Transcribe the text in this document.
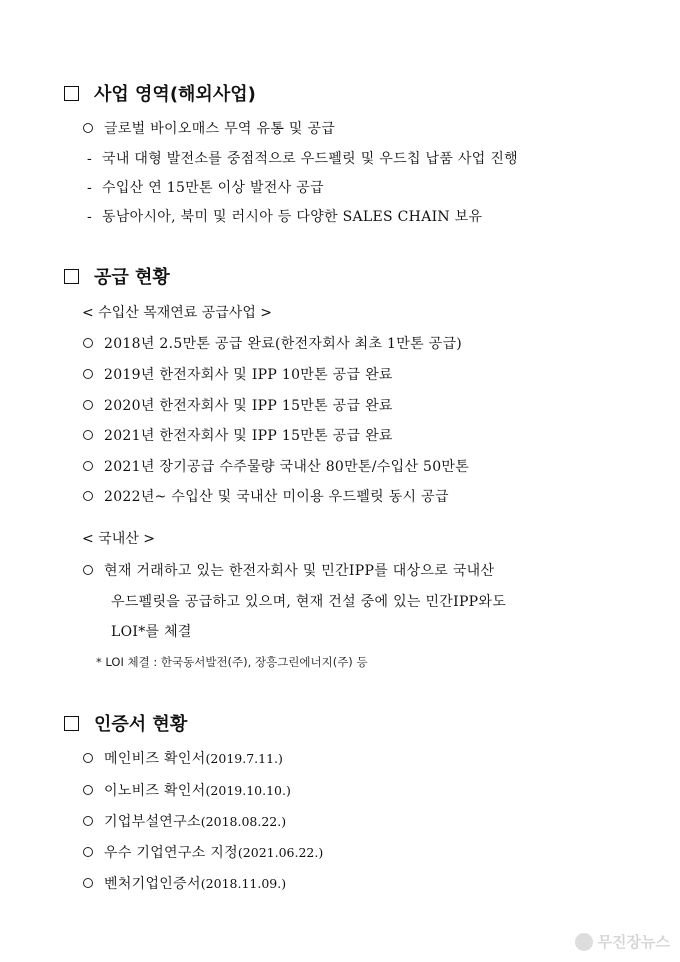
사업 영역(해외사업)
글로벌 바이오매스 무역 유통 및 공급
- 국내 대형 발전소를 중점적으로 우드펠릿 및 우드칩 납품 사업 진행
- 수입산 연 15만톤 이상 발전사 공급
- 동남아시아, 북미 및 러시아 등 다양한 SALES CHAIN 보유
공급 현황
< 수입산 목재연료 공급사업 >
2018년 2.5만톤 공급 완료(한전자회사 최초 1만톤 공급)
2019년 한전자회사 및 IPP 10만톤 공급 완료
2020년 한전자회사 및 IPP 15만톤 공급 완료
2021년 한전자회사 및 IPP 15만톤 공급 완료
2021년 장기공급 수주물량 국내산 80만톤/수입산 50만톤
2022년~ 수입산 및 국내산 미이용 우드펠릿 동시 공급
< 국내산 >
현재 거래하고 있는 한전자회사 및 민간IPP를 대상으로 국내산
우드펠릿을 공급하고 있으며, 현재 건설 중에 있는 민간IPP와도
LOI*를 체결
* LOI 체결 : 한국동서발전(주), 장흥그린에너지(주) 등
인증서 현황
메인비즈 확인서(2019.7.11.)
이노비즈 확인서(2019.10.10.)
기업부설연구소(2018.08.22.)
우수 기업연구소 지정(2021.06.22.)
벤처기업인증서(2018.11.09.)
무진장뉴스
